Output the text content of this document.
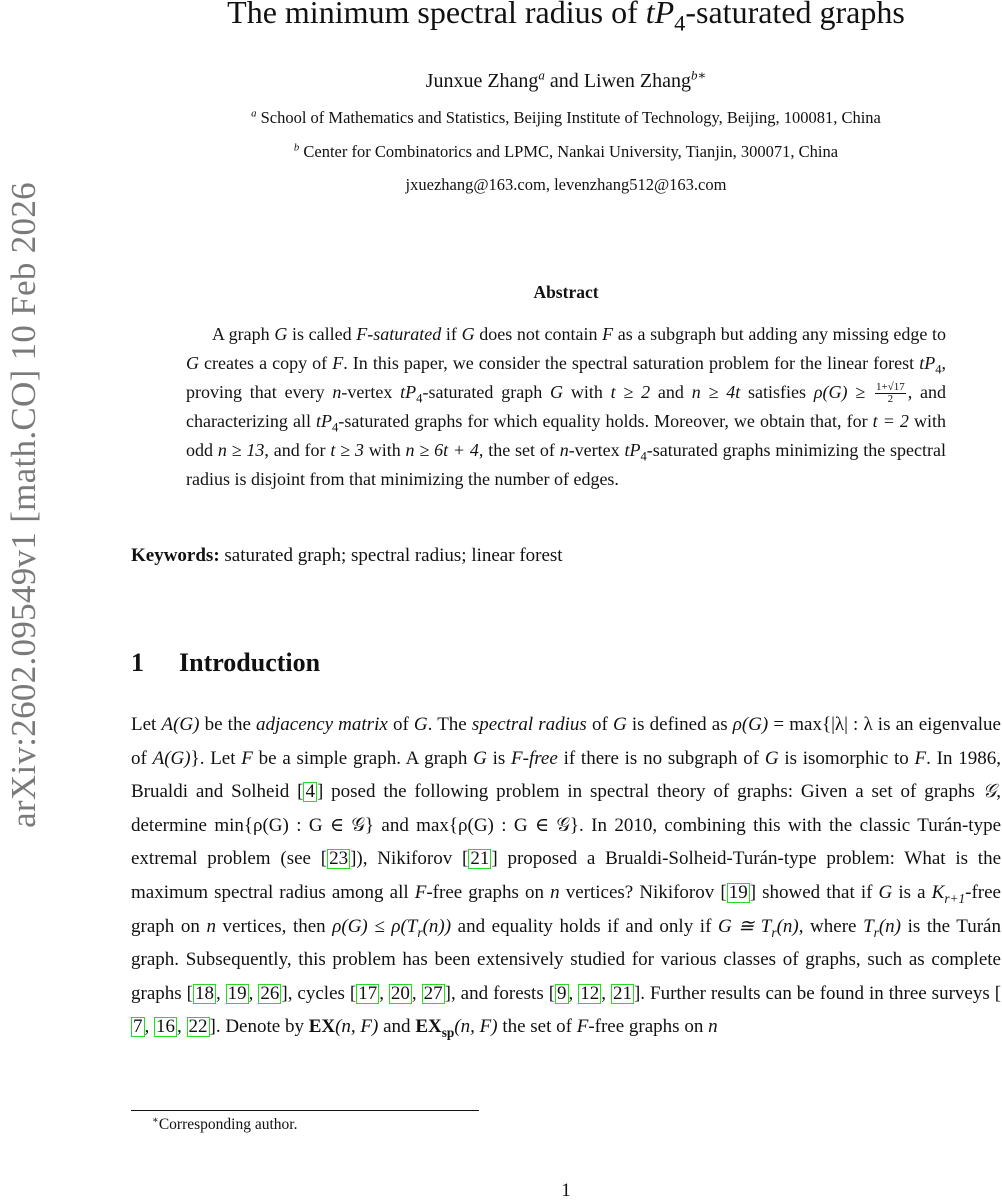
arXiv:2602.09549v1 [math.CO] 10 Feb 2026
The minimum spectral radius of $tP_4$-saturated graphs
Junxue Zhang$^a$ and Liwen Zhang$^{b∗}$
$^a$ School of Mathematics and Statistics, Beijing Institute of Technology, Beijing, 100081, China
$^b$ Center for Combinatorics and LPMC, Nankai University, Tianjin, 300071, China
jxuezhang@163.com, levenzhang512@163.com
Abstract

A graph G is called F-saturated if G does not contain F as a subgraph but adding any missing edge to G creates a copy of F. In this paper, we consider the spectral saturation problem for the linear forest $tP_4$, proving that every n-vertex $tP_4$-saturated graph G with t ≥ 2 and n ≥ 4t satisfies $\rho(G) \ge \frac{1+√17}{2}$ , and characterizing all $tP_4$-saturated graphs for which equality holds. Moreover, we obtain that, for t = 2 with odd n ≥ 13, and for t ≥ 3 with n ≥ 6t + 4, the set of n-vertex $tP_4$-saturated graphs minimizing the spectral radius is disjoint from that minimizing the number of edges.

Keywords: saturated graph; spectral radius; linear forest
1 Introduction

Let A(G) be the adjacency matrix of G. The spectral radius of G is defined as ρ(G) = max{|λ| : λ is an eigenvalue of A(G)}. Let F be a simple graph. A graph G is F-free if there is no subgraph of G is isomorphic to F. In 1986, Brualdi and Solheid [ 4 ] posed the following problem in spectral theory of graphs: Given a set of graphs 𝒢, determine min{ρ(G) : G ∈ 𝒢} and max{ρ(G) : G ∈ 𝒢}. In 2010, combining this with the classic Turán-type extremal problem (see [ 23 ]), Nikiforov [ 21 ] proposed a Brualdi-Solheid-Turán-type problem: What is the maximum spectral radius among all F-free graphs on n vertices? Nikiforov [ 19 ] showed that if G is a $K_{r+1}$-free graph on n vertices, then $\rho(G) \le \rho(T_r(n))$ and equality holds if and only if G ≅ $T_r(n)$, where $T_r(n)$ is the Turán graph. Subsequently, this problem has been extensively studied for various classes of graphs, such as complete graphs [ 18 , 19 , 26 ], cycles [ 17 , 20 , 27 ], and forests [ 9 , 12 , 21 ]. Further results can be found in three surveys [7 , 16 , 22 ]. Denote by EX(n, F) and $EX_{sp}(n$, F) the set of F-free graphs on n

∗Corresponding author.
1
